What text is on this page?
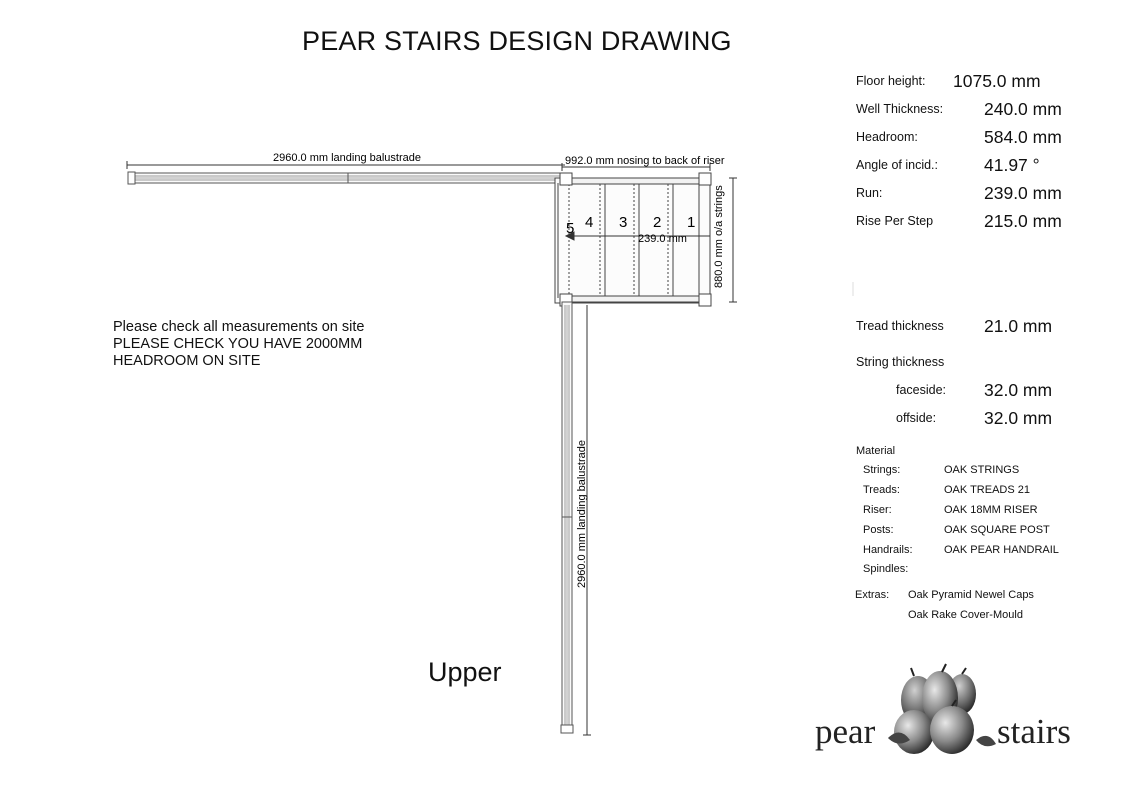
PEAR STAIRS DESIGN DRAWING
Please check all measurements on site
PLEASE CHECK YOU HAVE 2000MM
HEADROOM ON SITE
2960.0 mm landing balustrade	992.0 mm nosing to back of riser
239.0 mm
5 4 3 2 1 880.0 mm o/a strings
2960.0 mm landing balustrade
Upper
Floor height: 1075.0 mm
Well Thickness: 240.0 mm
Headroom:	584.0 mm
Angle of incid.:	41.97 °
Run:	239.0 mm
Rise Per Step	215.0 mm
Tread thickness 21.0 mm
String thickness
faceside: 32.0 mm
offside:	32.0 mm
Material
Strings:	OAK STRINGS
Treads:	OAK TREADS 21
Riser:	OAK 18MM RISER
Posts:	OAK SQUARE POST
Handrails:	OAK PEAR HANDRAIL
Spindles:
Extras: Oak Pyramid Newel Caps
Oak Rake Cover-Mould
pear	stairs
